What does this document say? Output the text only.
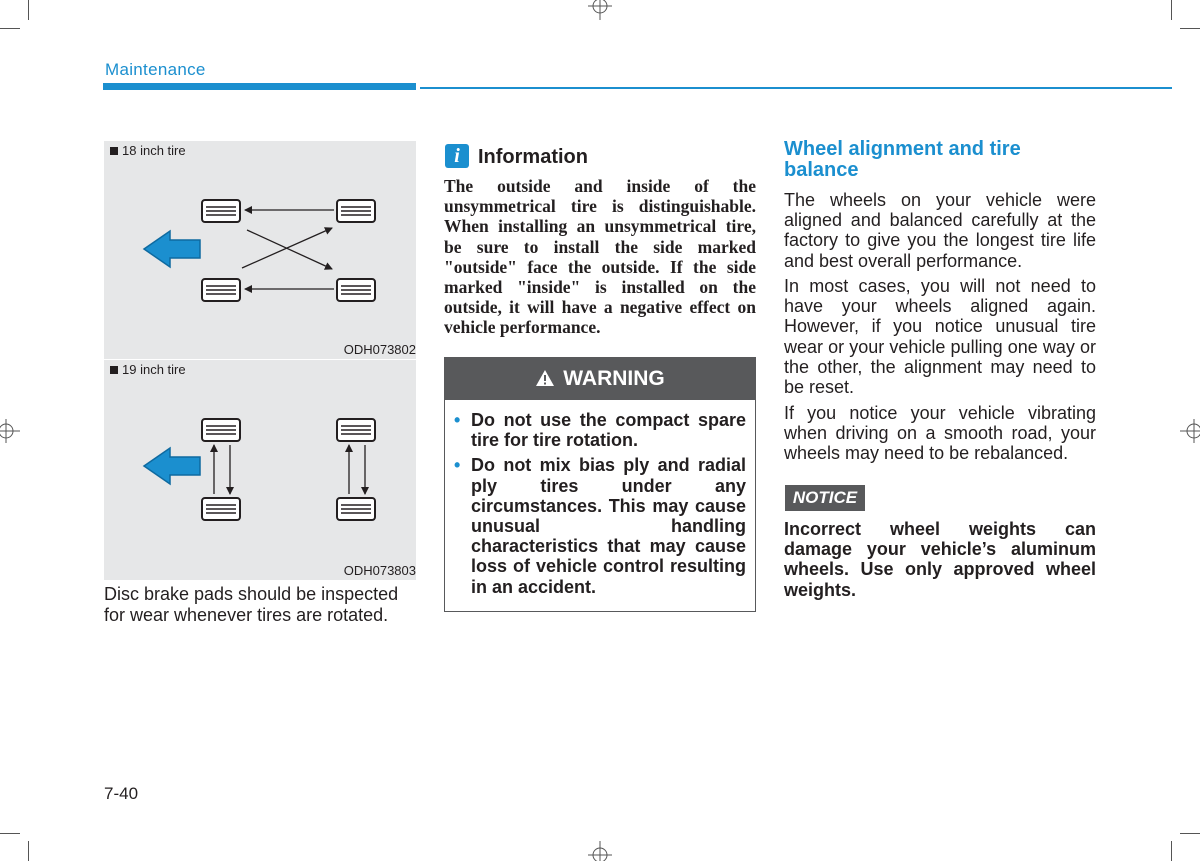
Maintenance
18 inch tire
ODH073802
19 inch tire
ODH073803
Disc brake pads should be inspected for wear whenever tires are rotated.
i Information
The outside and inside of the unsymmetrical tire is distinguishable. When installing an unsymmetrical tire, be sure to install the side marked "outside" face the outside. If the side marked "inside" is installed on the outside, it will have a negative effect on vehicle performance.
WARNING
• Do not use the compact spare tire for tire rotation.
• Do not mix bias ply and radial ply tires under any circumstances. This may cause unusual handling characteristics that may cause loss of vehicle control resulting in an accident.
Wheel alignment and tire balance
The wheels on your vehicle were aligned and balanced carefully at the factory to give you the longest tire life and best overall performance.
In most cases, you will not need to have your wheels aligned again. However, if you notice unusual tire wear or your vehicle pulling one way or the other, the alignment may need to be reset.
If you notice your vehicle vibrating when driving on a smooth road, your wheels may need to be rebalanced.
NOTICE
Incorrect wheel weights can damage your vehicle’s aluminum wheels. Use only approved wheel weights.
7-40
